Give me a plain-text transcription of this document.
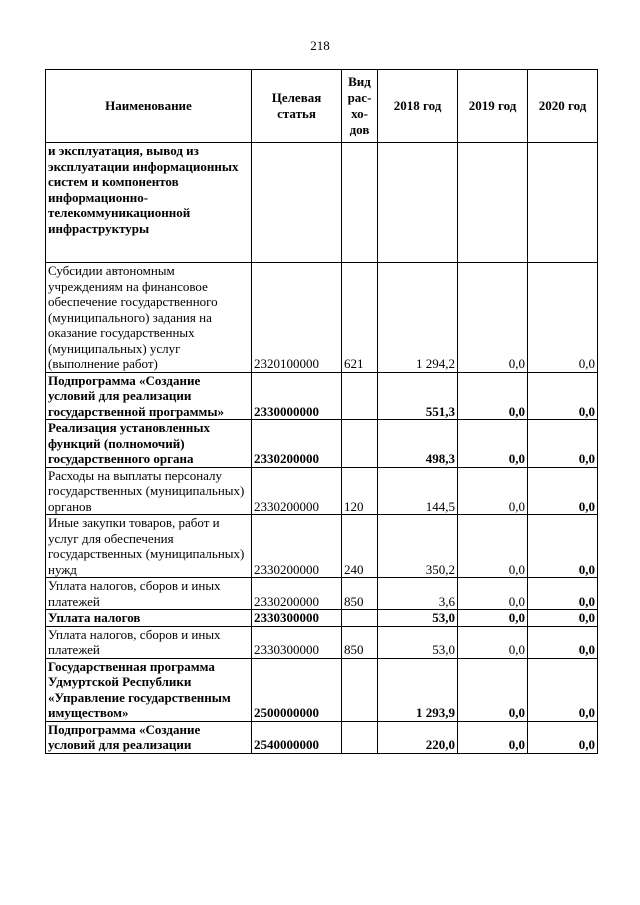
218
Наименование	Целевая статья	Вид рас-хо-дов	2018 год	2019 год	2020 год
и эксплуатация, вывод из эксплуатации информационных систем и компонентов информационно-телекоммуникационной инфраструктуры					
Субсидии автономным учреждениям на финансовое обеспечение государственного (муниципального) задания на оказание государственных (муниципальных) услуг (выполнение работ)	2320100000	621	1 294,2	0,0	0,0
Подпрограмма «Создание условий для реализации государственной программы»	2330000000		551,3	0,0	0,0
Реализация установленных функций (полномочий) государственного органа	2330200000		498,3	0,0	0,0
Расходы на выплаты персоналу государственных (муниципальных) органов	2330200000	120	144,5	0,0	0,0
Иные закупки товаров, работ и услуг для обеспечения государственных (муниципальных) нужд	2330200000	240	350,2	0,0	0,0
Уплата налогов, сборов и иных платежей	2330200000	850	3,6	0,0	0,0
Уплата налогов	2330300000		53,0	0,0	0,0
Уплата налогов, сборов и иных платежей	2330300000	850	53,0	0,0	0,0
Государственная программа Удмуртской Республики «Управление государственным имуществом»	2500000000		1 293,9	0,0	0,0
Подпрограмма «Создание условий для реализации	2540000000		220,0	0,0	0,0
